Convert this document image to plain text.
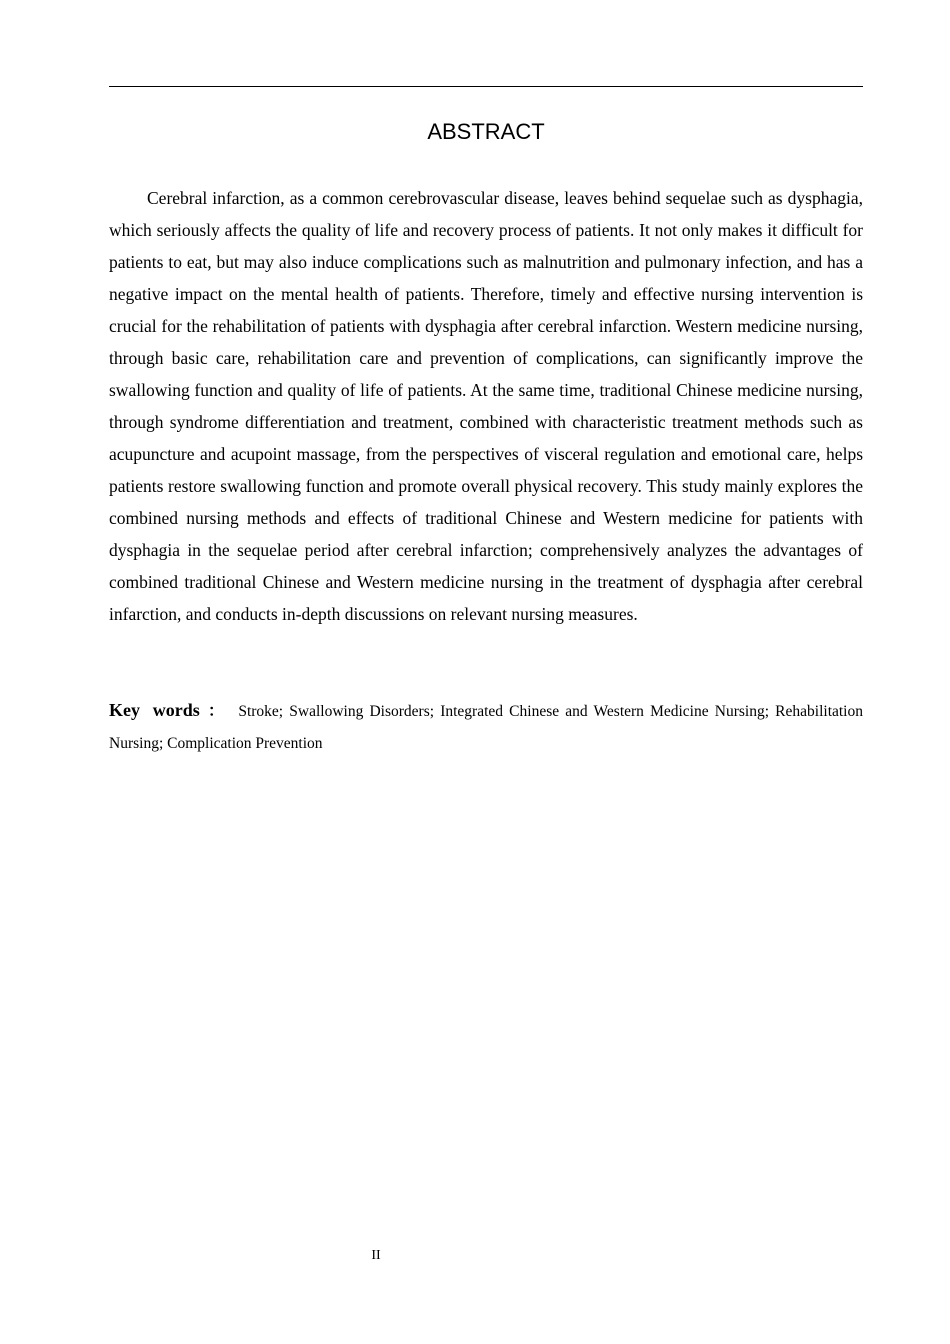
ABSTRACT

Cerebral infarction, as a common cerebrovascular disease, leaves behind sequelae such as dysphagia, which seriously affects the quality of life and recovery process of patients. It not only makes it difficult for patients to eat, but may also induce complications such as malnutrition and pulmonary infection, and has a negative impact on the mental health of patients. Therefore, timely and effective nursing intervention is crucial for the rehabilitation of patients with dysphagia after cerebral infarction. Western medicine nursing, through basic care, rehabilitation care and prevention of complications, can significantly improve the swallowing function and quality of life of patients. At the same time, traditional Chinese medicine nursing, through syndrome differentiation and treatment, combined with characteristic treatment methods such as acupuncture and acupoint massage, from the perspectives of visceral regulation and emotional care, helps patients restore swallowing function and promote overall physical recovery. This study mainly explores the combined nursing methods and effects of traditional Chinese and Western medicine for patients with dysphagia in the sequelae period after cerebral infarction; comprehensively analyzes the advantages of combined traditional Chinese and Western medicine nursing in the treatment of dysphagia after cerebral infarction, and conducts in-depth discussions on relevant nursing measures.

Key words ： Stroke; Swallowing Disorders; Integrated Chinese and Western Medicine Nursing; Rehabilitation Nursing; Complication Prevention

II
